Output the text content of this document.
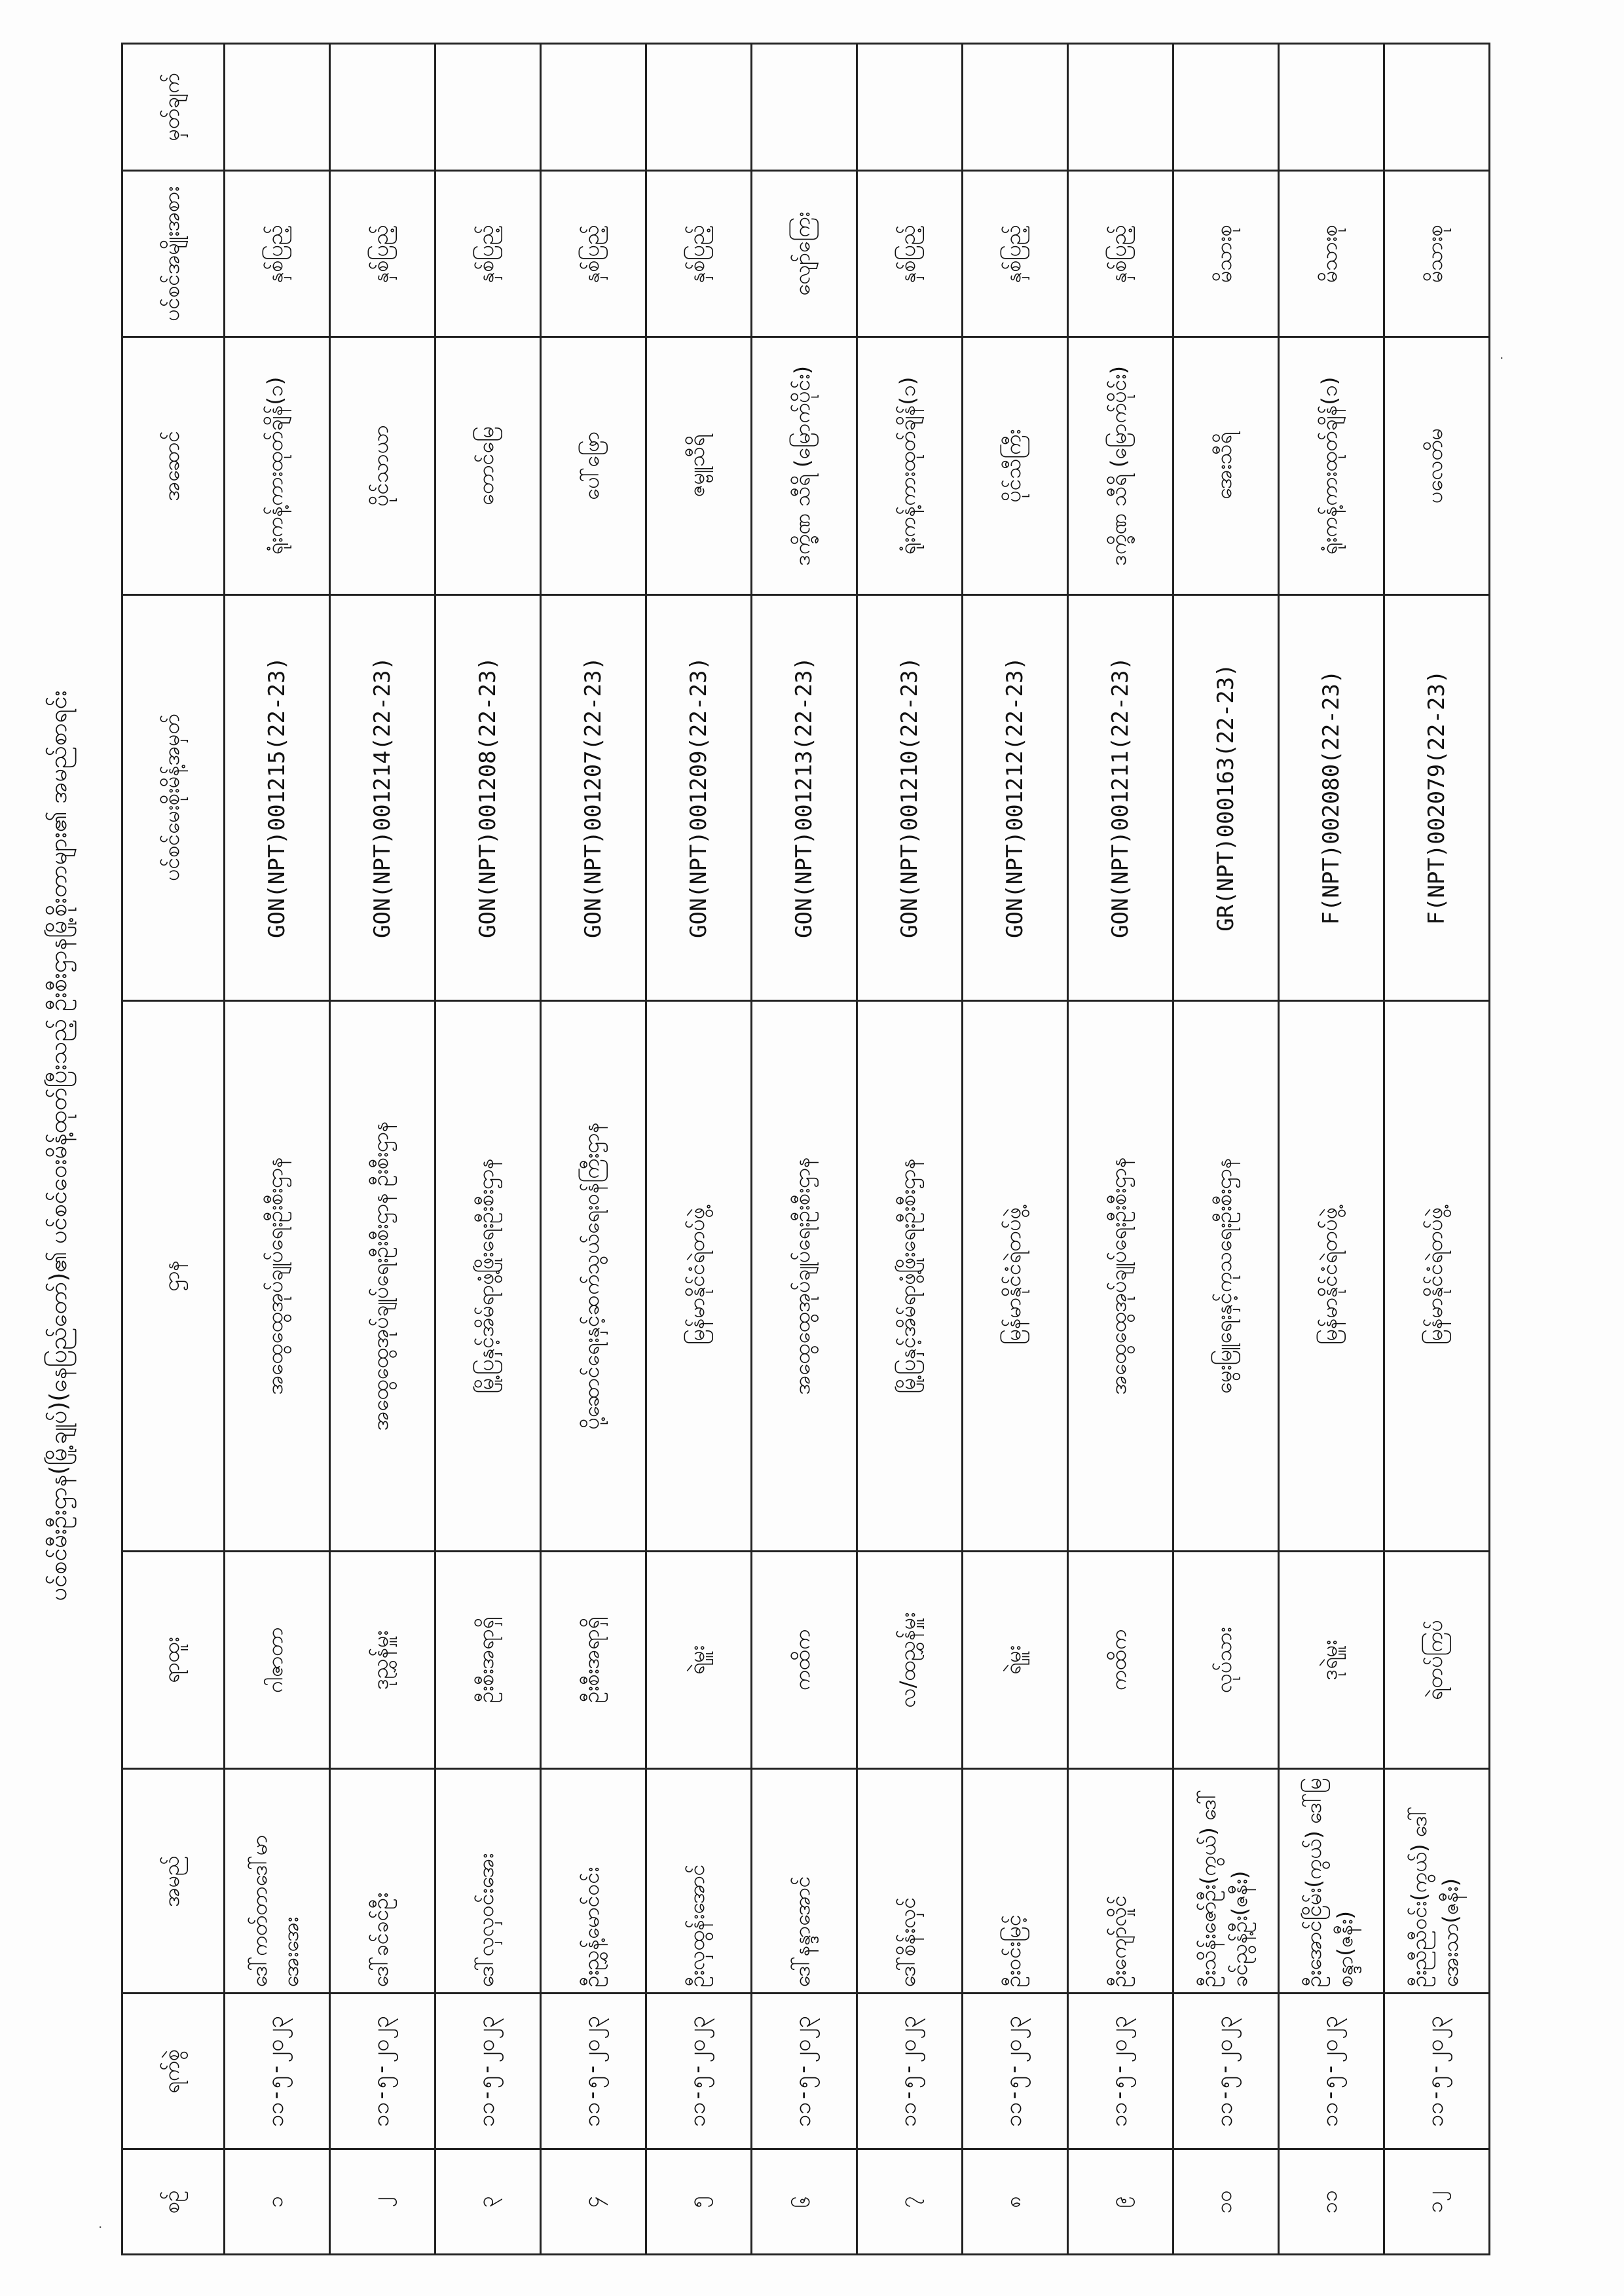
ပင်စင်မီးဦးဌာန(မြို့ချုပ်)(နေပြည်တော်)၏ ပင်စင်ဝေးမိန့်ထုတ်ပြီးသည့် ဦးစီးဌာနမြို့စိုးတာများ၏ အမည်စာရင်း
စဉ်	ရက်စွဲ	အမည်	ရာထူး	ဌာန	ပင်စင်မေးစိုးမိန့်အမှတ်	အဆောင်	ပင်စင်အမျိုးအစား	မှတ်ချက်
၁	၁၁-၅-၂၀၂၃	ဒေါ်ကတ်တာဒေါ်မာအေးအေး	ဂါဇာတာ	အထွေထွေအုပ်ချုပ်ရေးဦးစီးဌာန	GON(NPT)001215(22-23)	ရုံးကန့်ကားထုတ်ချိန်(၁)	နှစ်ပြည့်	
၂	၁၁-၅-၂၀၂၃	ဒေါ်ခင်ခင်ဦး	ဒုညွှန်မှူး	အထွေထွေအုပ်ချုပ်ရေးဦးစီးဌာန ဦးစီးဌာန	GON(NPT)001214(22-23)	ပိုင်သာယာ	နှစ်ပြည့်	
၃	၁၁-၅-၂၀၂၃	ဒေါ်လှလှဝင်းအေး	ဦးစီးအရာရှိ	မြို့ပြနှင့်အိမ်ရာဖွံ့ဖြိုးရေးဦးစီးဌာန	GON(NPT)001208(22-23)	တောင်မြေ	နှစ်ပြည့်	
၄	၁၁-၅-၂၀၂၃	ဦးညွှန့်မောင်ဝင်း	ဦးစီးအရာရှိ	ပို့ဆောင်ရေးနှင့်ဆက်သွယ်ရေးဝန်ကြီးဌာန	GON(NPT)001207(22-23)	ပေါ်ဖြော	နှစ်ပြည့်	
၅	၁၁-၅-၂၀၂၃	ဦးလှထွန်းအောင်	ရဲမှူး	မြန်မာနိုင်ငံရဲတပ်ဖွဲ့	GON(NPT)001209(22-23)	ဇမ္ဗူသီရိ	နှစ်ပြည့်	
၆	၁၁-၅-၂၀၂၃	ဒေါ်နန္ဒာအောင်	ကထိက	အထွေထွေအုပ်ချုပ်ရေးဦးစီးဌာန	GON(NPT)001213(22-23)	ဒက္ခိဏ သီရိ (မြောက်ပိုင်း)	လျော်ကြေး	
၇	၁၁-၅-၂၀၂၃	ဒေါ်စိန်းလှင်	လ/ထညွှန်မှူး	မြို့ပြနှင့်အိမ်ရာဖွံ့ဖြိုးရေးဦးစီးဌာန	GON(NPT)001210(22-23)	ရုံးကန့်ကားထုတ်ချိန်(၁)	နှစ်ပြည့်	
၈	၁၁-၅-၂၀၂၃	ဦးဝင်းမြင့်	ရဲမှူး	မြန်မာနိုင်ငံရဲတပ်ဖွဲ့	GON(NPT)001212(22-23)	ပိုင်သီကြီး	နှစ်ပြည့်	
၉	၁၁-၅-၂၀၂၃	ဦးကျော်လှိုင်	ကထိက	အထွေထွေအုပ်ချုပ်ရေးဦးစီးဌာန	GON(NPT)001211(22-23)	ဒက္ခိဏ သီရိ (မြောက်ပိုင်း)	နှစ်ပြည့်	
၁၀	၁၁-၅-၂၀၂၃	ဦးသိန်းဇော်ဦး(ကွယ်) ဒေါ်ခင်ညွန့်ဦး(ဇနီး)	လုပ်သား	မွေးမြူရေးနှင့်ကုသရေးဦးစီးဌာန	GR(NPT)000163(22-23)	အေးသီရိ	မိသားစု	
၁၁	၁၁-၅-၂၀၂၃	ဦးအောင်ငြိမ်း(ကွယ်) ဒေါ်မြစန္ဒာ(ဇနီး)	ဒုရဲမှူး	မြန်မာနိုင်ငံရဲတပ်ဖွဲ့	F(NPT)002080(22-23)	ရုံးကန့်ကားထုတ်ချိန်(၁)	မိသားစု	
၁၂	၁၁-၅-၂၀၂၃	ဦးညီညီဝင်း(ကွယ်) ဒေါ်အေးသာ(ဇနီး)	ရဲတပ်ကြပ်	မြန်မာနိုင်ငံရဲတပ်ဖွဲ့	F(NPT)002079(22-23)	ပလေတိမ	မိသားစု	
·
·
